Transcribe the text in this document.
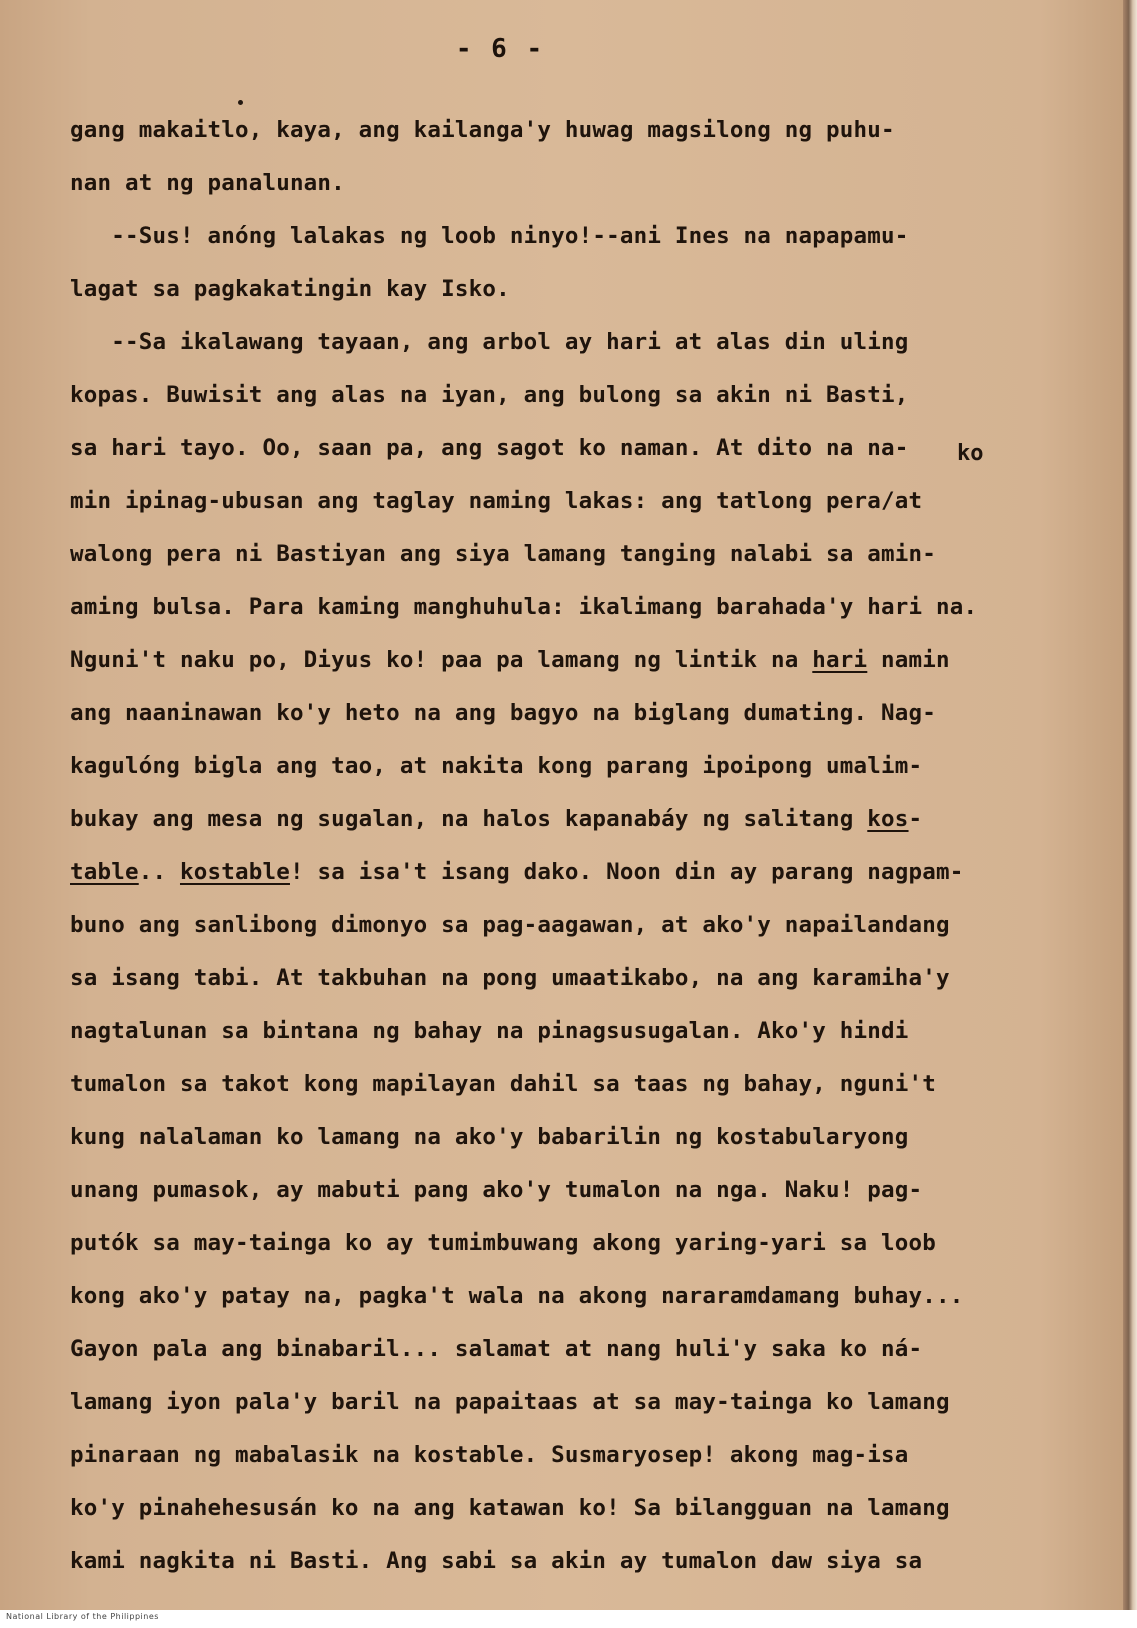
- 6 -
ko
gang makaitlo, kaya, ang kailanga'y huwag magsilong ng puhu-
nan at ng panalunan.
--Sus! anóng lalakas ng loob ninyo!--ani Ines na napapamu-
lagat sa pagkakatingin kay Isko.
--Sa ikalawang tayaan, ang arbol ay hari at alas din uling
kopas. Buwisit ang alas na iyan, ang bulong sa akin ni Basti,
sa hari tayo. Oo, saan pa, ang sagot ko naman. At dito na na-
min ipinag-ubusan ang taglay naming lakas: ang tatlong pera/at
walong pera ni Bastiyan ang siya lamang tanging nalabi sa amin-
aming bulsa. Para kaming manghuhula: ikalimang barahada'y hari na.
Nguni't naku po, Diyus ko! paa pa lamang ng lintik na hari namin
ang naaninawan ko'y heto na ang bagyo na biglang dumating. Nag-
kagulóng bigla ang tao, at nakita kong parang ipoipong umalim-
bukay ang mesa ng sugalan, na halos kapanabáy ng salitang kos-
table.. kostable! sa isa't isang dako. Noon din ay parang nagpam-
buno ang sanlibong dimonyo sa pag-aagawan, at ako'y napailandang
sa isang tabi. At takbuhan na pong umaatikabo, na ang karamiha'y
nagtalunan sa bintana ng bahay na pinagsusugalan. Ako'y hindi
tumalon sa takot kong mapilayan dahil sa taas ng bahay, nguni't
kung nalalaman ko lamang na ako'y babarilin ng kostabularyong
unang pumasok, ay mabuti pang ako'y tumalon na nga. Naku! pag-
putók sa may-tainga ko ay tumimbuwang akong yaring-yari sa loob
kong ako'y patay na, pagka't wala na akong nararamdamang buhay...
Gayon pala ang binabaril... salamat at nang huli'y saka ko ná-
lamang iyon pala'y baril na papaitaas at sa may-tainga ko lamang
pinaraan ng mabalasik na kostable. Susmaryosep! akong mag-isa
ko'y pinahehesusán ko na ang katawan ko! Sa bilangguan na lamang
kami nagkita ni Basti. Ang sabi sa akin ay tumalon daw siya sa
National Library of the Philippines
